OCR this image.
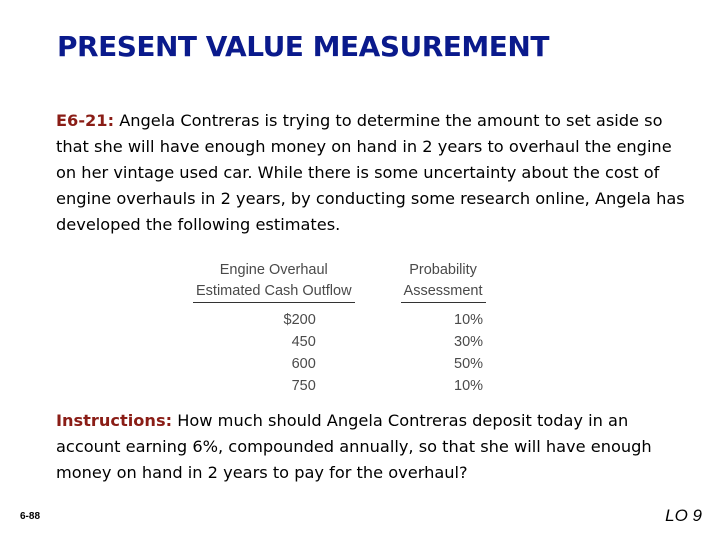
PRESENT VALUE MEASUREMENT
E6-21: Angela Contreras is trying to determine the amount to set aside so that she will have enough money on hand in 2 years to overhaul the engine on her vintage used car. While there is some uncertainty about the cost of engine overhauls in 2 years, by conducting some research online, Angela has developed the following estimates.
Engine Overhaul		Probability
Estimated Cash Outflow		Assessment
$200		10%
450		30%
600		50%
750		10%
Instructions: How much should Angela Contreras deposit today in an account earning 6%, compounded annually, so that she will have enough money on hand in 2 years to pay for the overhaul?
6-88	LO 9
